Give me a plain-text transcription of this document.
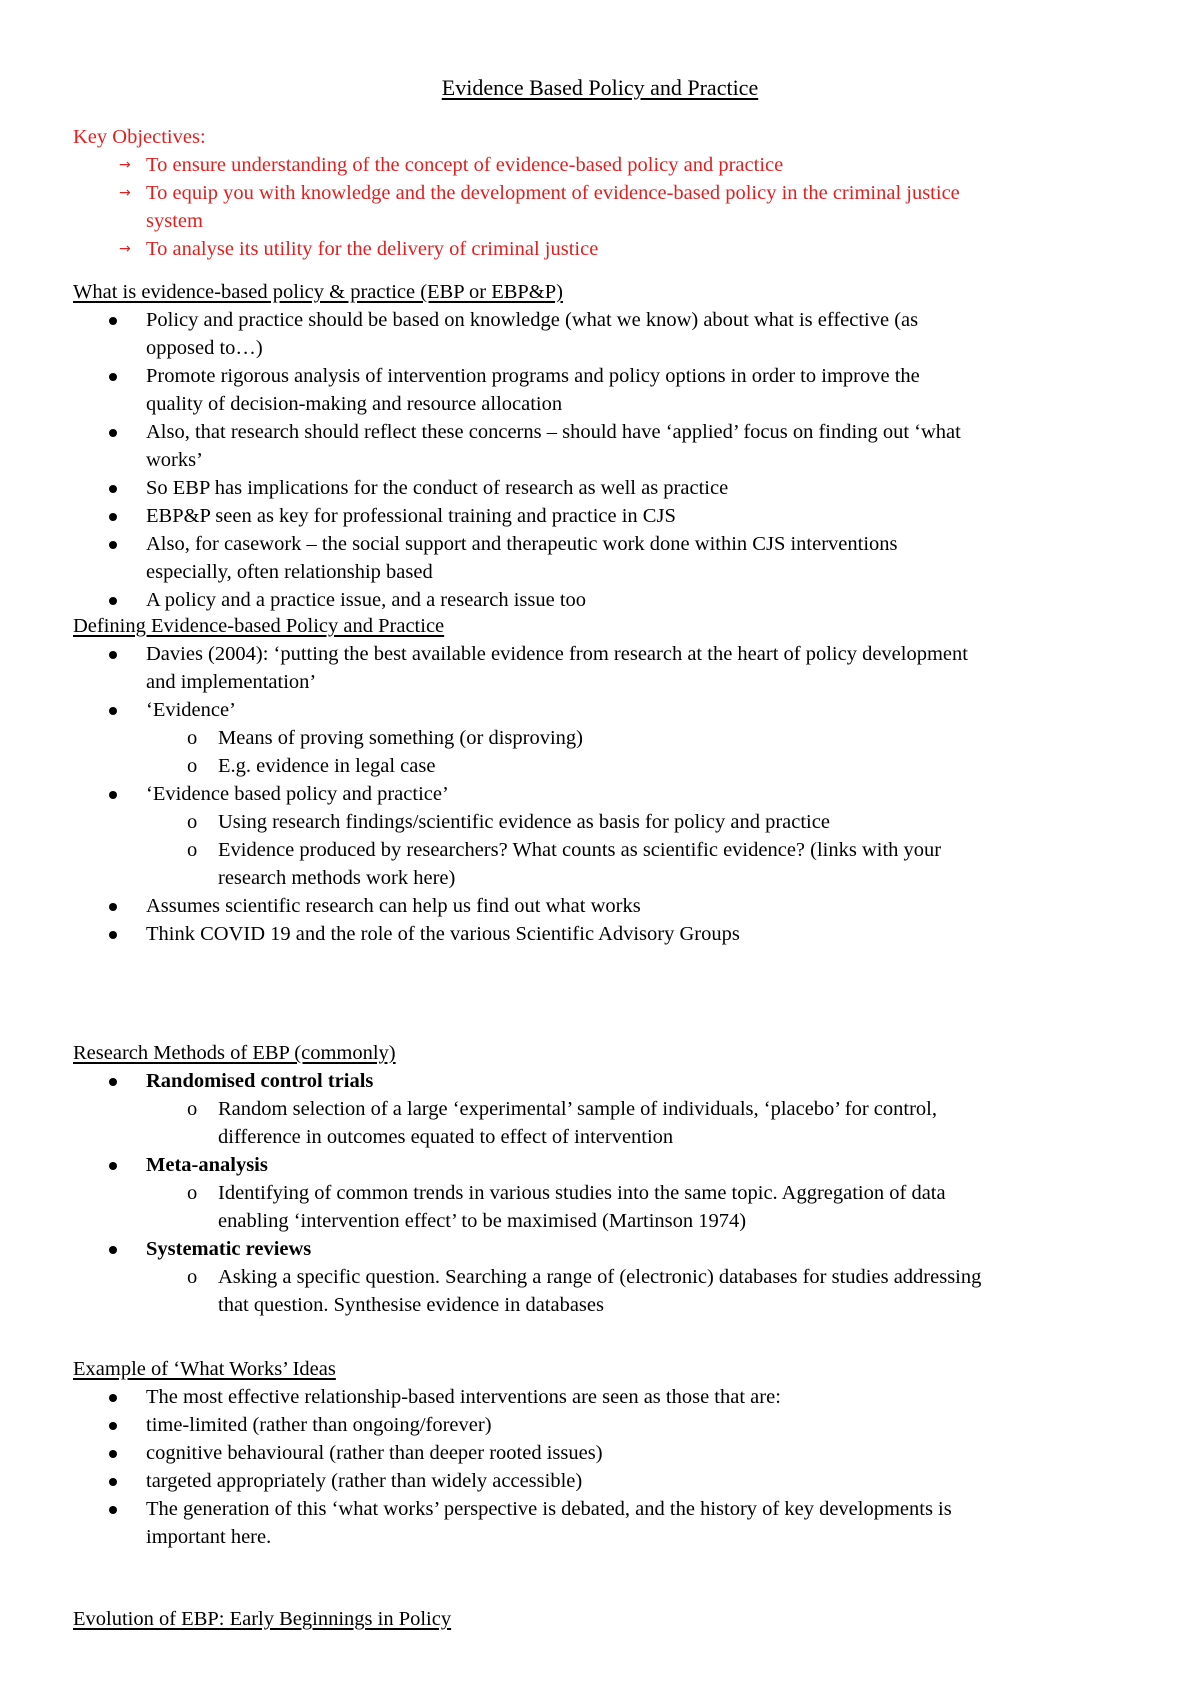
Evidence Based Policy and Practice
Key Objectives:
→ To ensure understanding of the concept of evidence-based policy and practice
→ To equip you with knowledge and the development of evidence-based policy in the criminal justice
system
→ To analyse its utility for the delivery of criminal justice
What is evidence-based policy & practice (EBP or EBP&P)
Policy and practice should be based on knowledge (what we know) about what is effective (as
opposed to…)
Promote rigorous analysis of intervention programs and policy options in order to improve the
quality of decision-making and resource allocation
Also, that research should reflect these concerns – should have ‘applied’ focus on finding out ‘what
works’
So EBP has implications for the conduct of research as well as practice
EBP&P seen as key for professional training and practice in CJS
Also, for casework – the social support and therapeutic work done within CJS interventions
especially, often relationship based
A policy and a practice issue, and a research issue too
Defining Evidence-based Policy and Practice
Davies (2004): ‘putting the best available evidence from research at the heart of policy development
and implementation’
‘Evidence’
o Means of proving something (or disproving)
o E.g. evidence in legal case
‘Evidence based policy and practice’
o Using research findings/scientific evidence as basis for policy and practice
o Evidence produced by researchers? What counts as scientific evidence? (links with your
research methods work here)
Assumes scientific research can help us find out what works
Think COVID 19 and the role of the various Scientific Advisory Groups
Research Methods of EBP (commonly)
Randomised control trials
o Random selection of a large ‘experimental’ sample of individuals, ‘placebo’ for control,
difference in outcomes equated to effect of intervention
Meta-analysis
o Identifying of common trends in various studies into the same topic. Aggregation of data
enabling ‘intervention effect’ to be maximised (Martinson 1974)
Systematic reviews
o Asking a specific question. Searching a range of (electronic) databases for studies addressing
that question. Synthesise evidence in databases
Example of ‘What Works’ Ideas
The most effective relationship-based interventions are seen as those that are:
time-limited (rather than ongoing/forever)
cognitive behavioural (rather than deeper rooted issues)
targeted appropriately (rather than widely accessible)
The generation of this ‘what works’ perspective is debated, and the history of key developments is
important here.
Evolution of EBP: Early Beginnings in Policy
